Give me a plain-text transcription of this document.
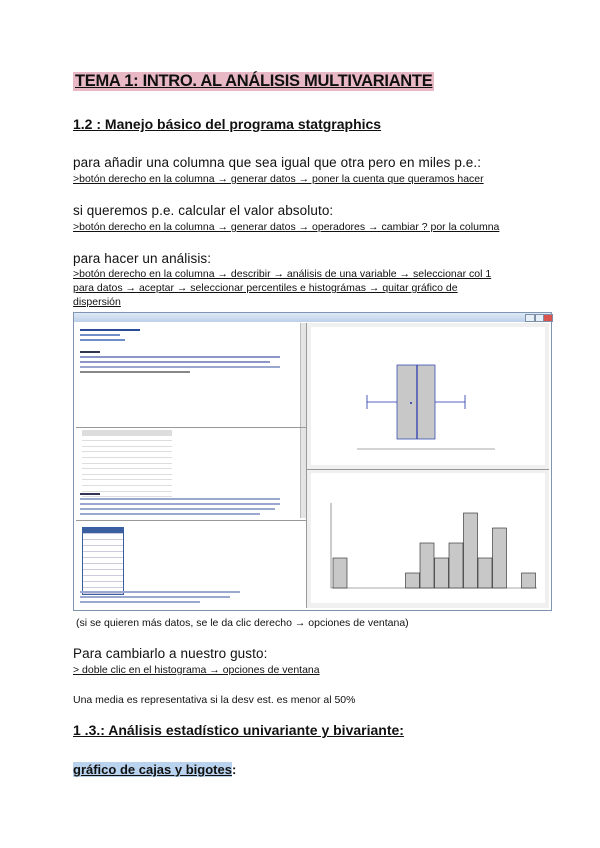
TEMA 1: INTRO. AL ANÁLISIS MULTIVARIANTE
1.2 : Manejo básico del programa statgraphics
para añadir una columna que sea igual que otra pero en miles p.e.:
>botón derecho en la columna → generar datos → poner la cuenta que queramos hacer
si queremos p.e. calcular el valor absoluto:
>botón derecho en la columna → generar datos → operadores → cambiar ? por la columna
para hacer un análisis:
>botón derecho en la columna → describir → análisis de una variable → seleccionar col 1
para datos → aceptar → seleccionar percentiles e histográmas → quitar gráfico de
dispersión
(si se quieren más datos, se le da clic derecho → opciones de ventana)
Para cambiarlo a nuestro gusto:
> doble clic en el histograma → opciones de ventana
Una media es representativa si la desv est. es menor al 50%
1 .3.: Análisis estadístico univariante y bivariante:
gráfico de cajas y bigotes:
